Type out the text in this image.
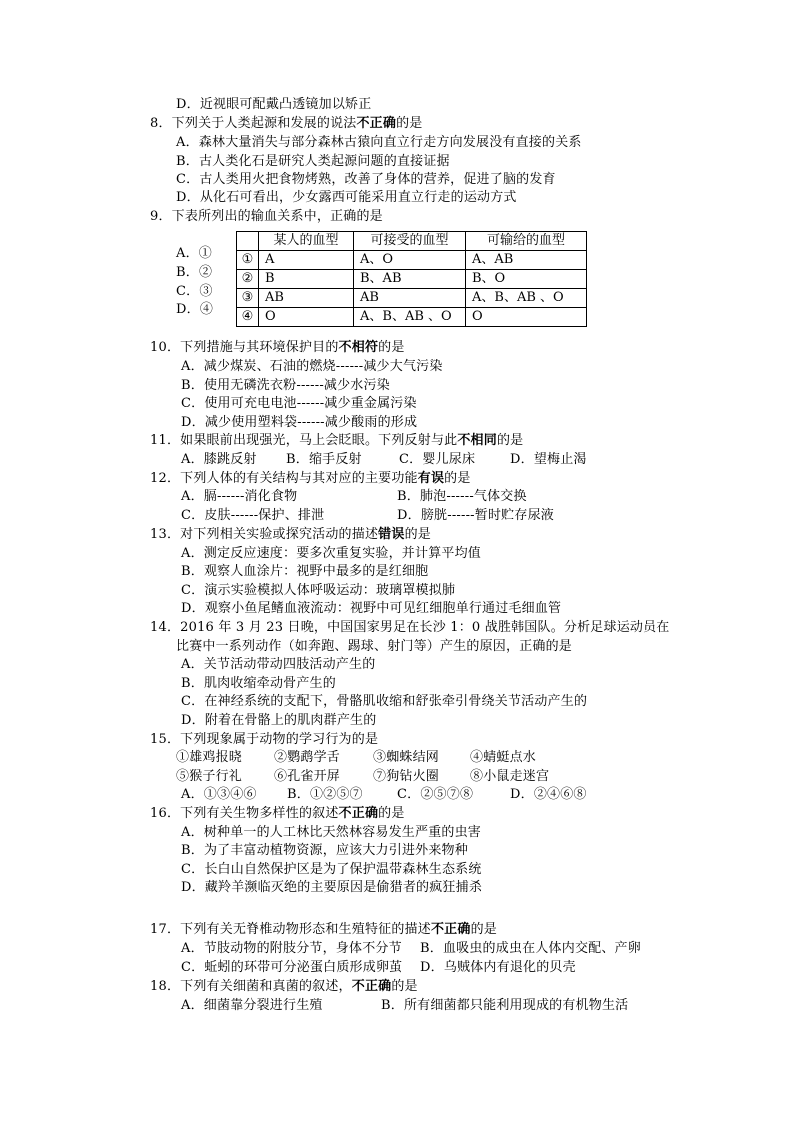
D．近视眼可配戴凸透镜加以矫正
8．下列关于人类起源和发展的说法不正确的是
A．森林大量消失与部分森林古猿向直立行走方向发展没有直接的关系
B．古人类化石是研究人类起源问题的直接证据
C．古人类用火把食物烤熟，改善了身体的营养，促进了脑的发育
D．从化石可看出，少女露西可能采用直立行走的运动方式
9．下表所列出的输血关系中，正确的是
A．①
B．②
C．③
D．④
	某人的血型	可接受的血型	可输给的血型
①	A	A、O	A、AB
②	B	B、AB	B、O
③	AB	AB	A、B、AB 、O
④	O	A、B、AB 、O	O
10．下列措施与其环境保护目的不相符的是
A．减少煤炭、石油的燃烧------减少大气污染
B．使用无磷洗衣粉------减少水污染
C．使用可充电电池------减少重金属污染
D．减少使用塑料袋------减少酸雨的形成
11．如果眼前出现强光，马上会眨眼。下列反射与此不相同的是
A．膝跳反射 B．缩手反射	C．婴儿尿床	D．望梅止渴
12．下列人体的有关结构与其对应的主要功能有误的是
A．膈------消化食物	B．肺泡------气体交换
C．皮肤------保护、排泄	D．膀胱------暂时贮存尿液
13．对下列相关实验或探究活动的描述错误的是
A．测定反应速度：要多次重复实验，并计算平均值
B．观察人血涂片：视野中最多的是红细胞
C．演示实验模拟人体呼吸运动：玻璃罩模拟肺
D．观察小鱼尾鳍血液流动：视野中可见红细胞单行通过毛细血管
14．2016 年 3 月 23 日晚，中国国家男足在长沙 1：0 战胜韩国队。分析足球运动员在
比赛中一系列动作（如奔跑、踢球、射门等）产生的原因，正确的是
A．关节活动带动四肢活动产生的
B．肌肉收缩牵动骨产生的
C．在神经系统的支配下，骨骼肌收缩和舒张牵引骨绕关节活动产生的
D．附着在骨骼上的肌肉群产生的
15．下列现象属于动物的学习行为的是
①雄鸡报晓 ②鹦鹉学舌	③蜘蛛结网 ④蜻蜓点水
⑤猴子行礼 ⑥孔雀开屏	⑦狗钻火圈 ⑧小鼠走迷宫
A．①③④⑥ B．①②⑤⑦	C．②⑤⑦⑧	D．②④⑥⑧
16．下列有关生物多样性的叙述不正确的是
A．树种单一的人工林比天然林容易发生严重的虫害
B．为了丰富动植物资源，应该大力引进外来物种
C．长白山自然保护区是为了保护温带森林生态系统
D．藏羚羊濒临灭绝的主要原因是偷猎者的疯狂捕杀
17．下列有关无脊椎动物形态和生殖特征的描述不正确的是
A．节肢动物的附肢分节，身体不分节 B．血吸虫的成虫在人体内交配、产卵
C．蚯蚓的环带可分泌蛋白质形成卵茧 D．乌贼体内有退化的贝壳
18．下列有关细菌和真菌的叙述，不正确的是
A．细菌靠分裂进行生殖	B．所有细菌都只能利用现成的有机物生活
